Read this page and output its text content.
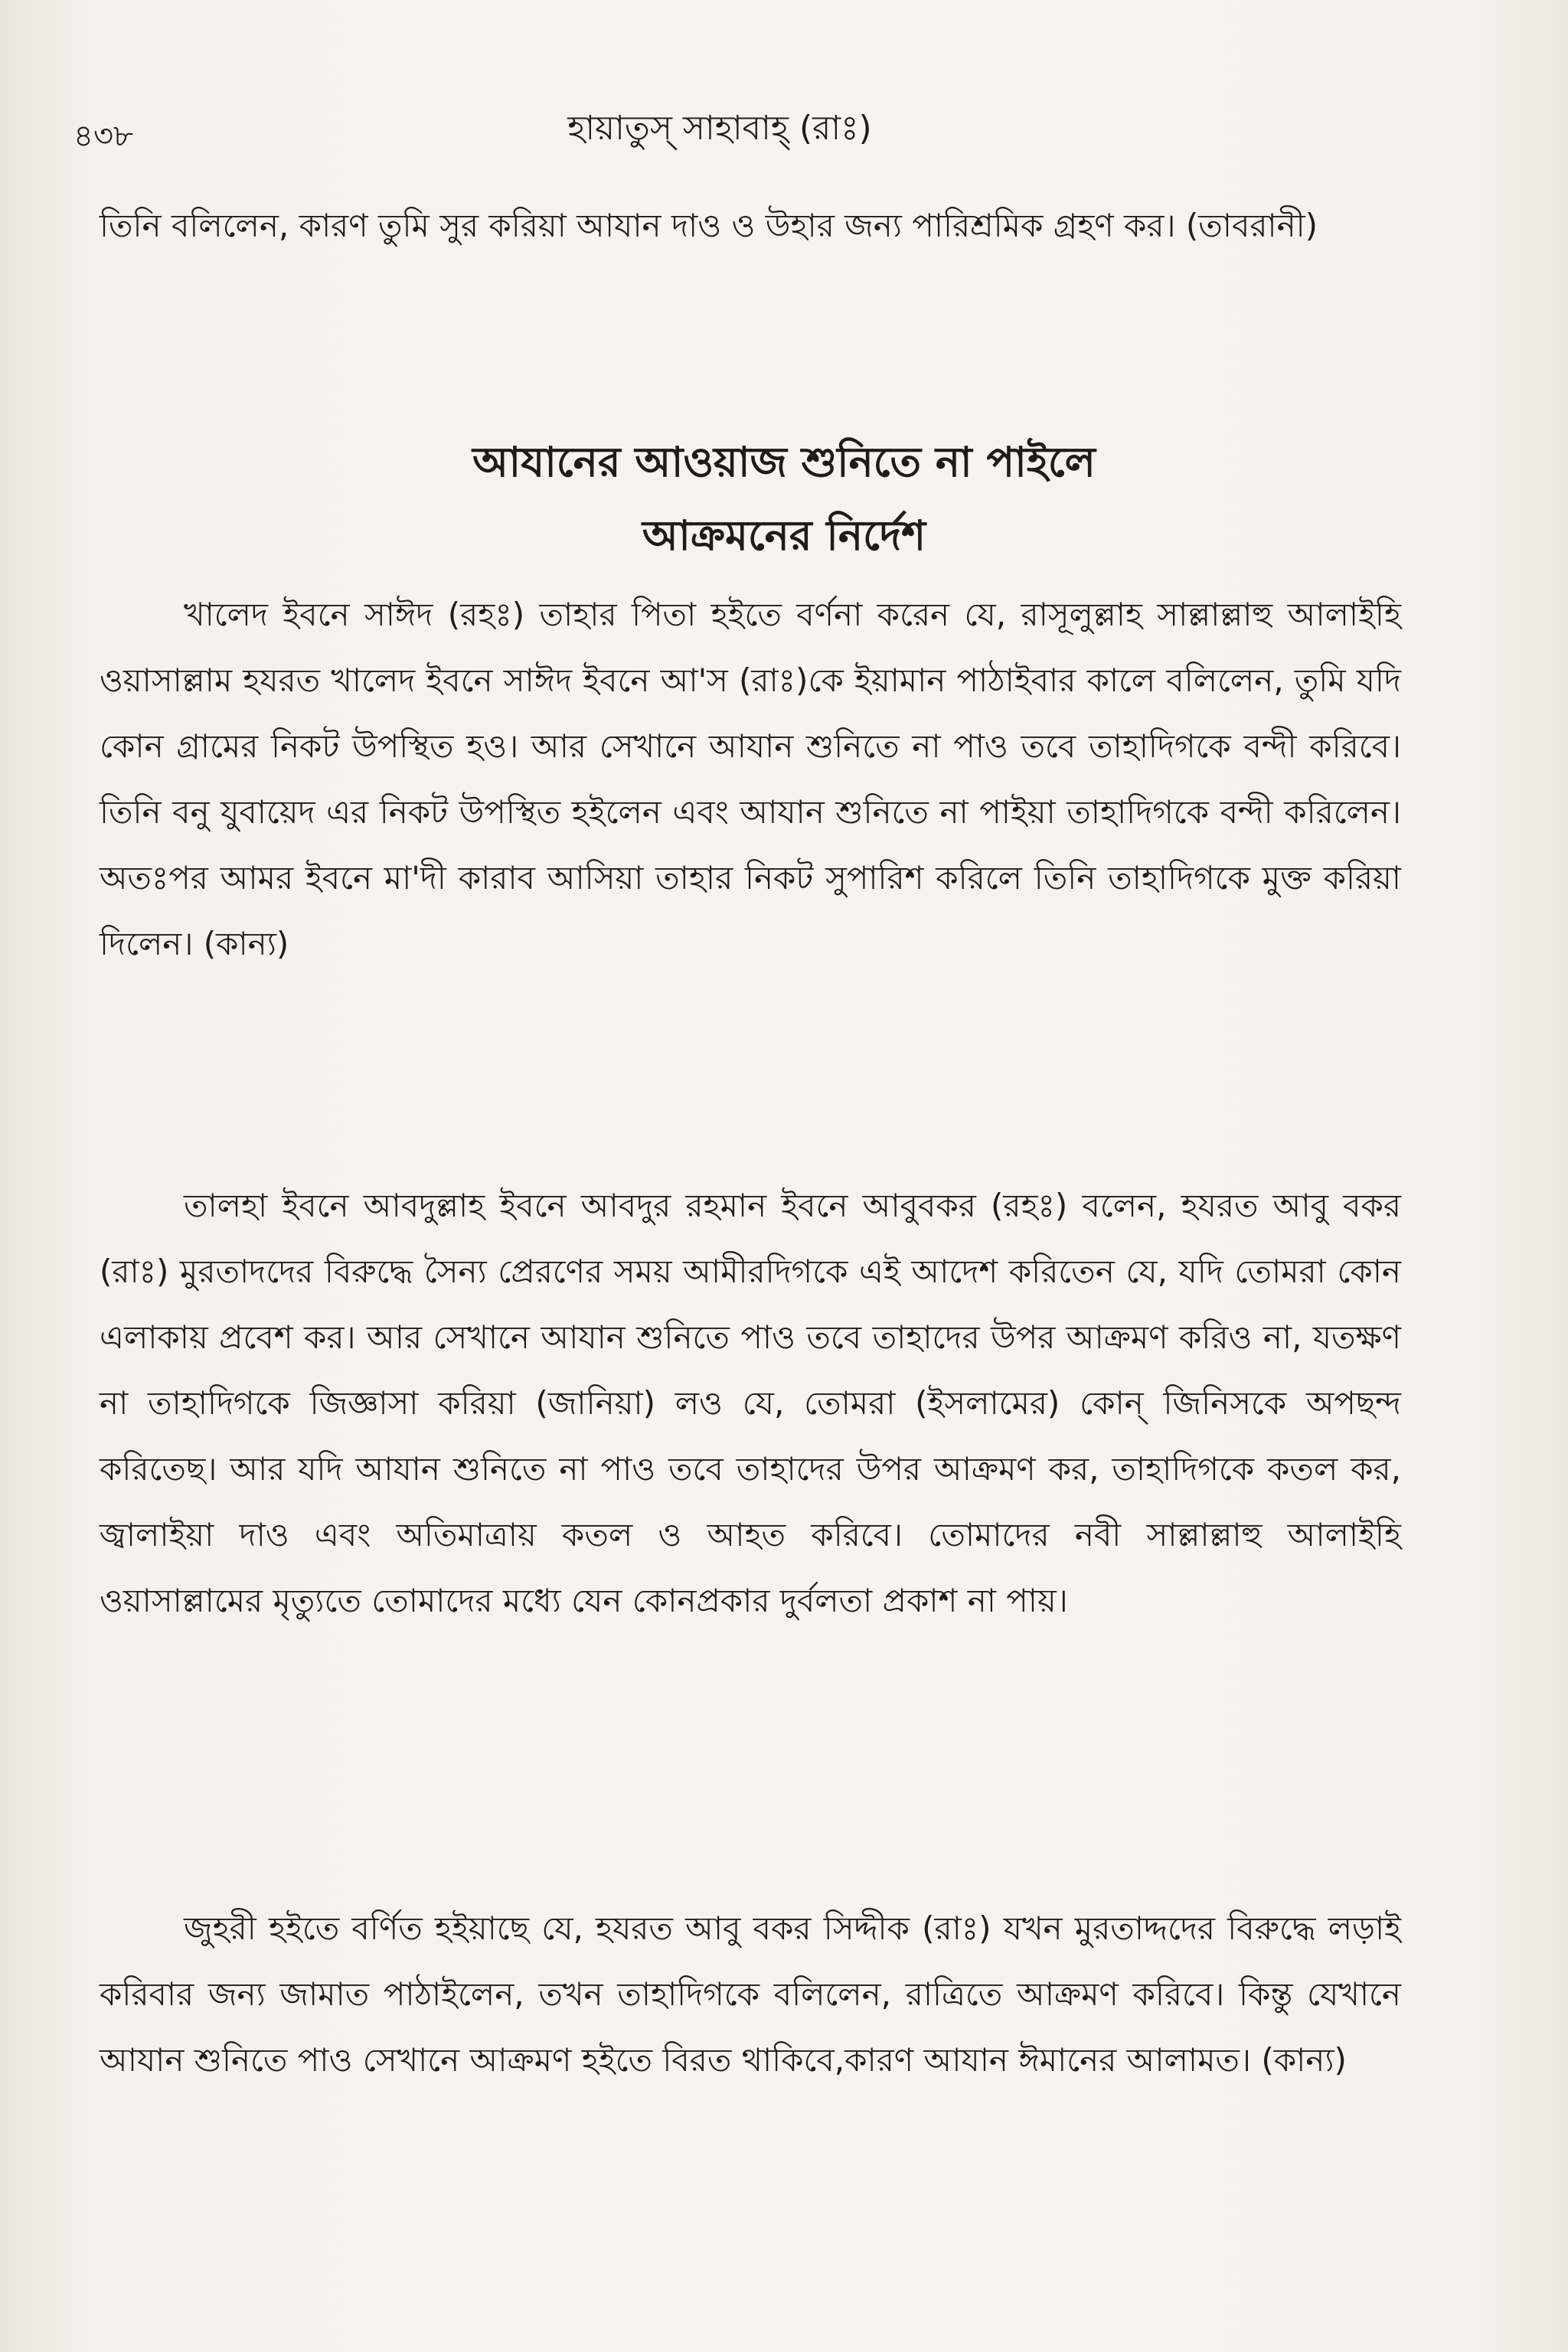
৪৩৮	হায়াতুস্ সাহাবাহ্ (রাঃ)

তিনি বলিলেন, কারণ তুমি সুর করিয়া আযান দাও ও উহার জন্য পারিশ্রমিক গ্রহণ কর। (তাবরানী)

আযানের আওয়াজ শুনিতে না পাইলে
আক্রমনের নির্দেশ

খালেদ ইবনে সাঈদ (রহঃ) তাহার পিতা হইতে বর্ণনা করেন যে, রাসূলুল্লাহ সাল্লাল্লাহু আলাইহি ওয়াসাল্লাম হযরত খালেদ ইবনে সাঈদ ইবনে আ'স (রাঃ)কে ইয়ামান পাঠাইবার কালে বলিলেন, তুমি যদি কোন গ্রামের নিকট উপস্থিত হও। আর সেখানে আযান শুনিতে না পাও তবে তাহাদিগকে বন্দী করিবে। তিনি বনু যুবায়েদ এর নিকট উপস্থিত হইলেন এবং আযান শুনিতে না পাইয়া তাহাদিগকে বন্দী করিলেন। অতঃপর আমর ইবনে মা'দী কারাব আসিয়া তাহার নিকট সুপারিশ করিলে তিনি তাহাদিগকে মুক্ত করিয়া দিলেন। (কান্য)

তালহা ইবনে আবদুল্লাহ ইবনে আবদুর রহমান ইবনে আবুবকর (রহঃ) বলেন, হযরত আবু বকর (রাঃ) মুরতাদদের বিরুদ্ধে সৈন্য প্রেরণের সময় আমীরদিগকে এই আদেশ করিতেন যে, যদি তোমরা কোন এলাকায় প্রবেশ কর। আর সেখানে আযান শুনিতে পাও তবে তাহাদের উপর আক্রমণ করিও না, যতক্ষণ না তাহাদিগকে জিজ্ঞাসা করিয়া (জানিয়া) লও যে, তোমরা (ইসলামের) কোন্ জিনিসকে অপছন্দ করিতেছ। আর যদি আযান শুনিতে না পাও তবে তাহাদের উপর আক্রমণ কর, তাহাদিগকে কতল কর, জ্বালাইয়া দাও এবং অতিমাত্রায় কতল ও আহত করিবে। তোমাদের নবী সাল্লাল্লাহু আলাইহি ওয়াসাল্লামের মৃত্যুতে তোমাদের মধ্যে যেন কোনপ্রকার দুর্বলতা প্রকাশ না পায়।

জুহরী হইতে বর্ণিত হইয়াছে যে, হযরত আবু বকর সিদ্দীক (রাঃ) যখন মুরতাদ্দদের বিরুদ্ধে লড়াই করিবার জন্য জামাত পাঠাইলেন, তখন তাহাদিগকে বলিলেন, রাত্রিতে আক্রমণ করিবে। কিন্তু যেখানে আযান শুনিতে পাও সেখানে আক্রমণ হইতে বিরত থাকিবে,কারণ আযান ঈমানের আলামত। (কান্য)
